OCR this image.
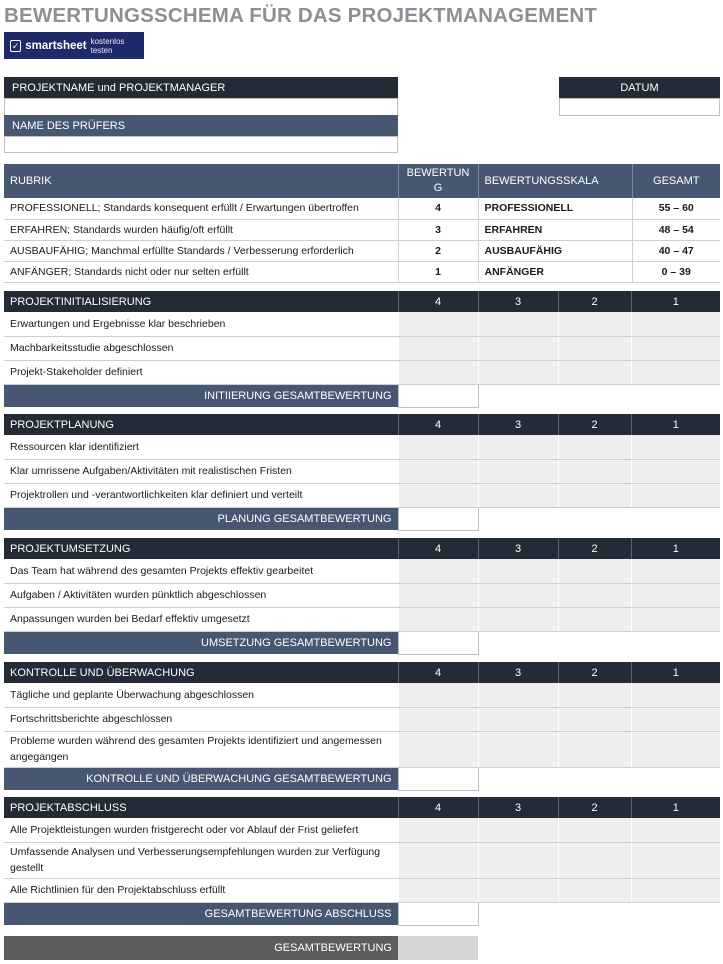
BEWERTUNGSSCHEMA FÜR DAS PROJEKTMANAGEMENT
✓ smartsheet kostenlos testen
PROJEKTNAME und PROJEKTMANAGER
NAME DES PRÜFERS
DATUM
RUBRIK	BEWERTUN G	BEWERTUNGSSKALA	GESAMT
PROFESSIONELL; Standards konsequent erfüllt / Erwartungen übertroffen	4	PROFESSIONELL	55 – 60
ERFAHREN; Standards wurden häufig/oft erfüllt	3	ERFAHREN	48 – 54
AUSBAUFÄHIG; Manchmal erfüllte Standards / Verbesserung erforderlich	2	AUSBAUFÄHIG	40 – 47
ANFÄNGER; Standards nicht oder nur selten erfüllt	1	ANFÄNGER	0 – 39
PROJEKTINITIALISIERUNG	4	3	2	1
Erwartungen und Ergebnisse klar beschrieben				
Machbarkeitsstudie abgeschlossen				
Projekt-Stakeholder definiert				
INITIIERUNG GESAMTBEWERTUNG				
PROJEKTPLANUNG	4	3	2	1
Ressourcen klar identifiziert				
Klar umrissene Aufgaben/Aktivitäten mit realistischen Fristen				
Projektrollen und -verantwortlichkeiten klar definiert und verteilt				
PLANUNG GESAMTBEWERTUNG				
PROJEKTUMSETZUNG	4	3	2	1
Das Team hat während des gesamten Projekts effektiv gearbeitet				
Aufgaben / Aktivitäten wurden pünktlich abgeschlossen				
Anpassungen wurden bei Bedarf effektiv umgesetzt				
UMSETZUNG GESAMTBEWERTUNG				
KONTROLLE UND ÜBERWACHUNG	4	3	2	1
Tägliche und geplante Überwachung abgeschlossen				
Fortschrittsberichte abgeschlossen				
Probleme wurden während des gesamten Projekts identifiziert und angemessen angegangen				
KONTROLLE UND ÜBERWACHUNG GESAMTBEWERTUNG				
PROJEKTABSCHLUSS	4	3	2	1
Alle Projektleistungen wurden fristgerecht oder vor Ablauf der Frist geliefert				
Umfassende Analysen und Verbesserungsempfehlungen wurden zur Verfügung gestellt				
Alle Richtlinien für den Projektabschluss erfüllt				
GESAMTBEWERTUNG ABSCHLUSS				
GESAMTBEWERTUNG	
